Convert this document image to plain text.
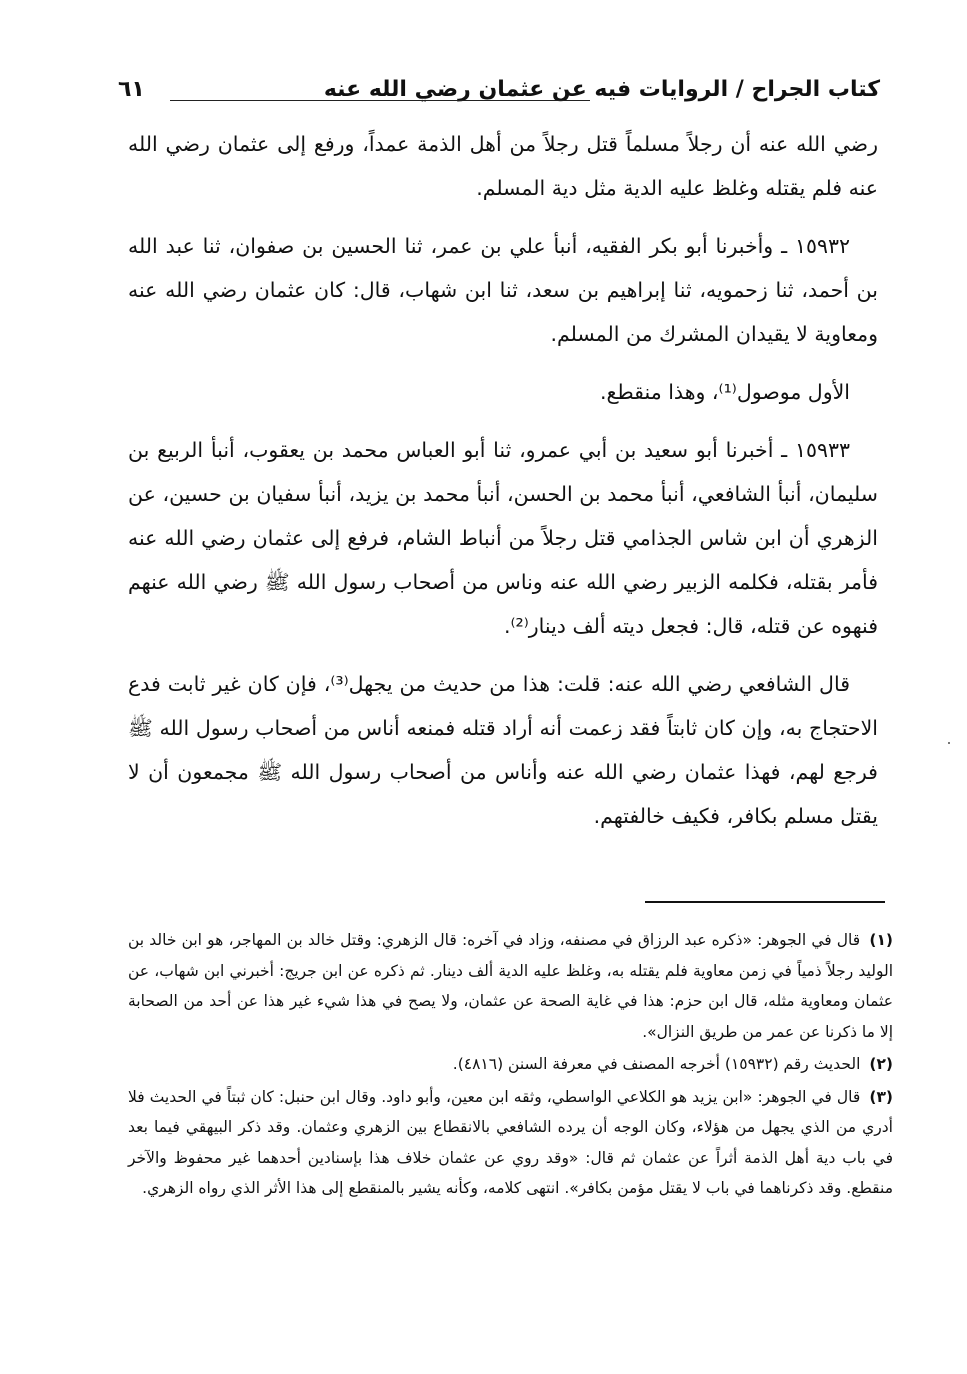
كتاب الجراح / الروايات فيه عن عثمان رضي الله عنه
٦١

رضي الله عنه أن رجلاً مسلماً قتل رجلاً من أهل الذمة عمداً، ورفع إلى عثمان رضي الله عنه فلم يقتله وغلظ عليه الدية مثل دية المسلم.

١٥٩٣٢ ـ وأخبرنا أبو بكر الفقيه، أنبأ علي بن عمر، ثنا الحسين بن صفوان، ثنا عبد الله بن أحمد، ثنا زحمويه، ثنا إبراهيم بن سعد، ثنا ابن شهاب، قال: كان عثمان رضي الله عنه ومعاوية لا يقيدان المشرك من المسلم.

الأول موصول⁽¹⁾، وهذا منقطع.

١٥٩٣٣ ـ أخبرنا أبو سعيد بن أبي عمرو، ثنا أبو العباس محمد بن يعقوب، أنبأ الربيع بن سليمان، أنبأ الشافعي، أنبأ محمد بن الحسن، أنبأ محمد بن يزيد، أنبأ سفيان بن حسين، عن الزهري أن ابن شاس الجذامي قتل رجلاً من أنباط الشام، فرفع إلى عثمان رضي الله عنه فأمر بقتله، فكلمه الزبير رضي الله عنه وناس من أصحاب رسول الله ﷺ رضي الله عنهم فنهوه عن قتله، قال: فجعل ديته ألف دينار⁽²⁾.

قال الشافعي رضي الله عنه: قلت: هذا من حديث من يجهل⁽³⁾، فإن كان غير ثابت فدع الاحتجاج به، وإن كان ثابتاً فقد زعمت أنه أراد قتله فمنعه أناس من أصحاب رسول الله ﷺ فرجع لهم، فهذا عثمان رضي الله عنه وأناس من أصحاب رسول الله ﷺ مجمعون أن لا يقتل مسلم بكافر، فكيف خالفتهم.

(١) قال في الجوهر: «ذكره عبد الرزاق في مصنفه، وزاد في آخره: قال الزهري: وقتل خالد بن المهاجر، هو ابن خالد بن الوليد رجلاً ذمياً في زمن معاوية فلم يقتله به، وغلظ عليه الدية ألف دينار. ثم ذكره عن ابن جريج: أخبرني ابن شهاب، عن عثمان ومعاوية مثله، قال ابن حزم: هذا في غاية الصحة عن عثمان، ولا يصح في هذا شيء غير هذا عن أحد من الصحابة إلا ما ذكرنا عن عمر من طريق النزال».

(٢) الحديث رقم (١٥٩٣٢) أخرجه المصنف في معرفة السنن (٤٨١٦).

(٣) قال في الجوهر: «ابن يزيد هو الكلاعي الواسطي، وثقه ابن معين، وأبو داود. وقال ابن حنبل: كان ثبتاً في الحديث فلا أدري من الذي يجهل من هؤلاء، وكان الوجه أن يرده الشافعي بالانقطاع بين الزهري وعثمان. وقد ذكر البيهقي فيما بعد في باب دية أهل الذمة أثراً عن عثمان ثم قال: «وقد روي عن عثمان خلاف هذا بإسنادين أحدهما غير محفوظ والآخر منقطع. وقد ذكرناهما في باب لا يقتل مؤمن بكافر». انتهى كلامه، وكأنه يشير بالمنقطع إلى هذا الأثر الذي رواه الزهري.
